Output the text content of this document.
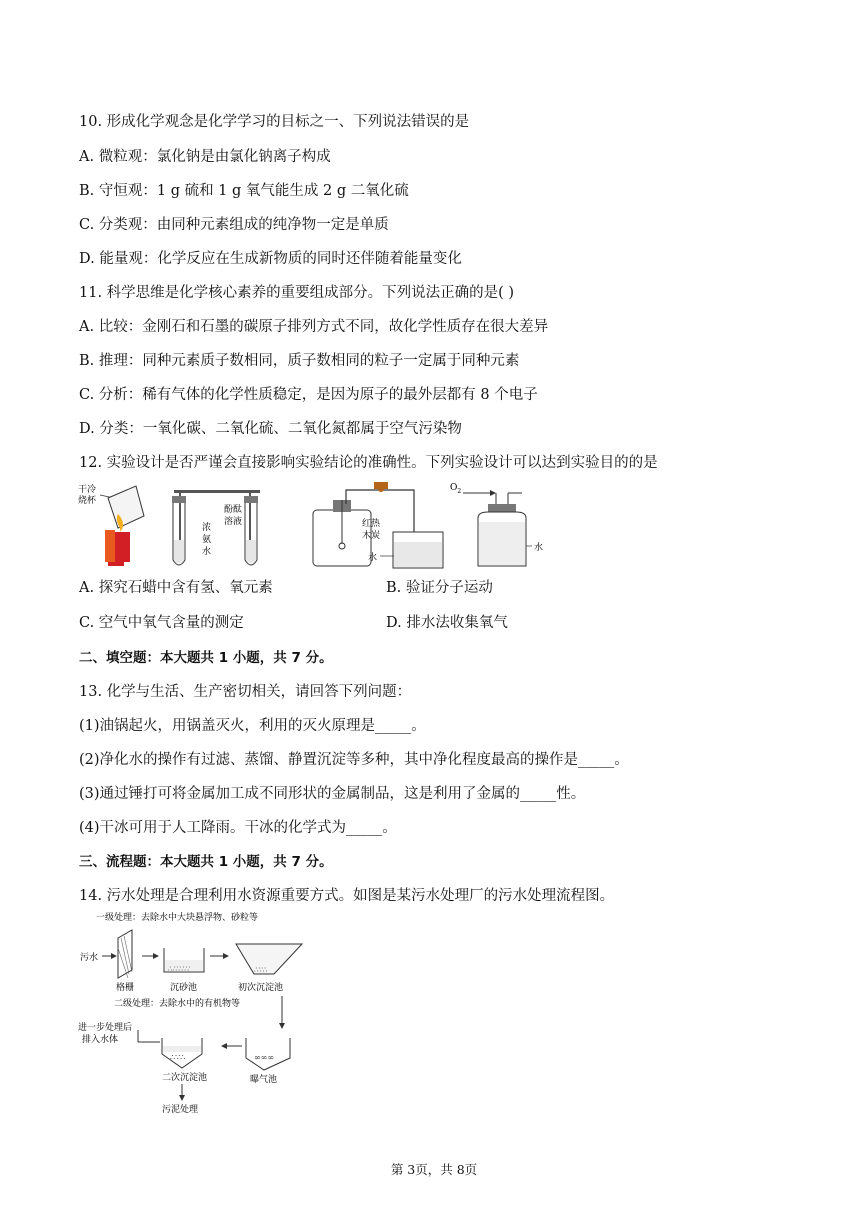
10. 形成化学观念是化学学习的目标之一、下列说法错误的是
A. 微粒观：氯化钠是由氯化钠离子构成
B. 守恒观：1 g 硫和 1 g 氧气能生成 2 g 二氧化硫
C. 分类观：由同种元素组成的纯净物一定是单质
D. 能量观：化学反应在生成新物质的同时还伴随着能量变化
11. 科学思维是化学核心素养的重要组成部分。下列说法正确的是( )
A. 比较：金刚石和石墨的碳原子排列方式不同，故化学性质存在很大差异
B. 推理：同种元素质子数相同，质子数相同的粒子一定属于同种元素
C. 分析：稀有气体的化学性质稳定，是因为原子的最外层都有 8 个电子
D. 分类：一氧化碳、二氧化硫、二氧化氮都属于空气污染物
12. 实验设计是否严谨会直接影响实验结论的准确性。下列实验设计可以达到实验目的的是
干冷
烧杯
浓
氨
水
酚酞
溶液	红热
木炭
水
$O_2$
水
A. 探究石蜡中含有氢、氧元素	B. 验证分子运动
C. 空气中氧气含量的测定	D. 排水法收集氧气
二、填空题：本大题共 1 小题，共 7 分。
13. 化学与生活、生产密切相关，请回答下列问题：
(1)油锅起火，用锅盖灭火，利用的灭火原理是_____。
(2)净化水的操作有过滤、蒸馏、静置沉淀等多种，其中净化程度最高的操作是_____。
(3)通过锤打可将金属加工成不同形状的金属制品，这是利用了金属的_____性。
(4)干冰可用于人工降雨。干冰的化学式为_____。
三、流程题：本大题共 1 小题，共 7 分。
14. 污水处理是合理利用水资源重要方式。如图是某污水处理厂的污水处理流程图。
一级处理：去除水中大块悬浮物、砂粒等
污水
格栅
∴∴∵∴∵
沉砂池
∴∵∴
初次沉淀池
二级处理：去除水中的有机物等
∞∞∞
曝气池
∴∵∴
二次沉淀池
进一步处理后
排入水体
污泥处理
第 3页，共 8页
